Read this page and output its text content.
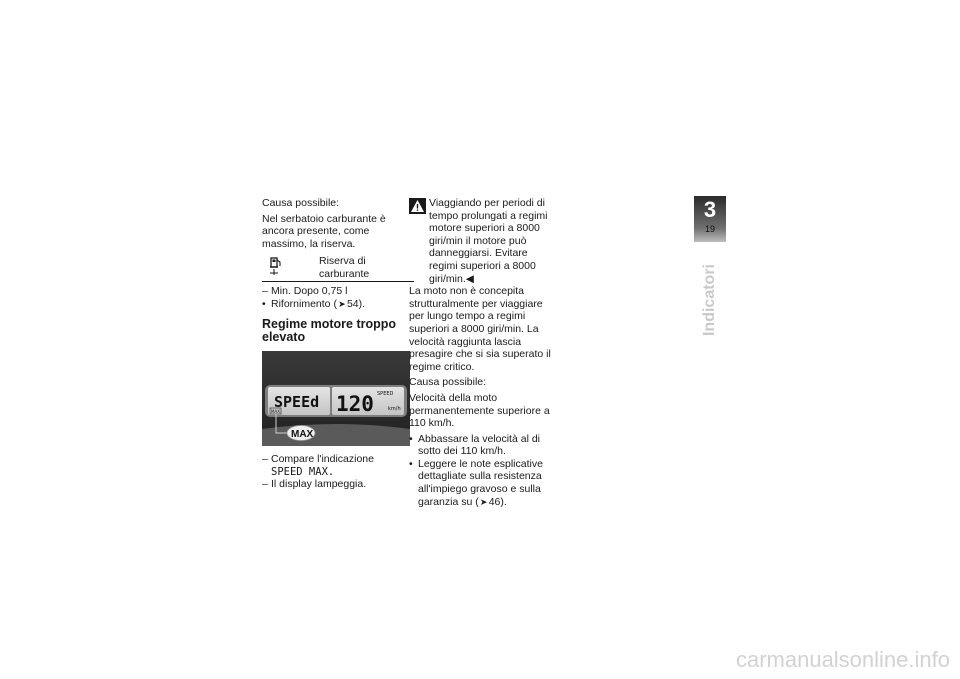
Causa possibile:

Nel serbatoio carburante è ancora presente, come massimo, la riserva.

Riserva di carburante

– Min. Dopo 0,75 l

• Rifornimento (➤54).

Regime motore troppo elevato
SPEEd 120 SPEED
km/h
MAX
MAX

– Compare l'indicazione

SPEED MAX.

– Il display lampeggia.

Viaggiando per periodi di tempo prolungati a regimi motore superiori a 8000 giri/min il motore può danneggiarsi. Evitare regimi superiori a 8000 giri/min.◀

La moto non è concepita strutturalmente per viaggiare per lungo tempo a regimi superiori a 8000 giri/min. La velocità raggiunta lascia presagire che si sia superato il regime critico.

Causa possibile:

Velocità della moto permanentemente superiore a 110 km/h.

• Abbassare la velocità al di sotto dei 110 km/h.

• Leggere le note esplicative dettagliate sulla resistenza all'impiego gravoso e sulla garanzia su (➤46).

3
19
Indicatori
carmanualsonline.info
